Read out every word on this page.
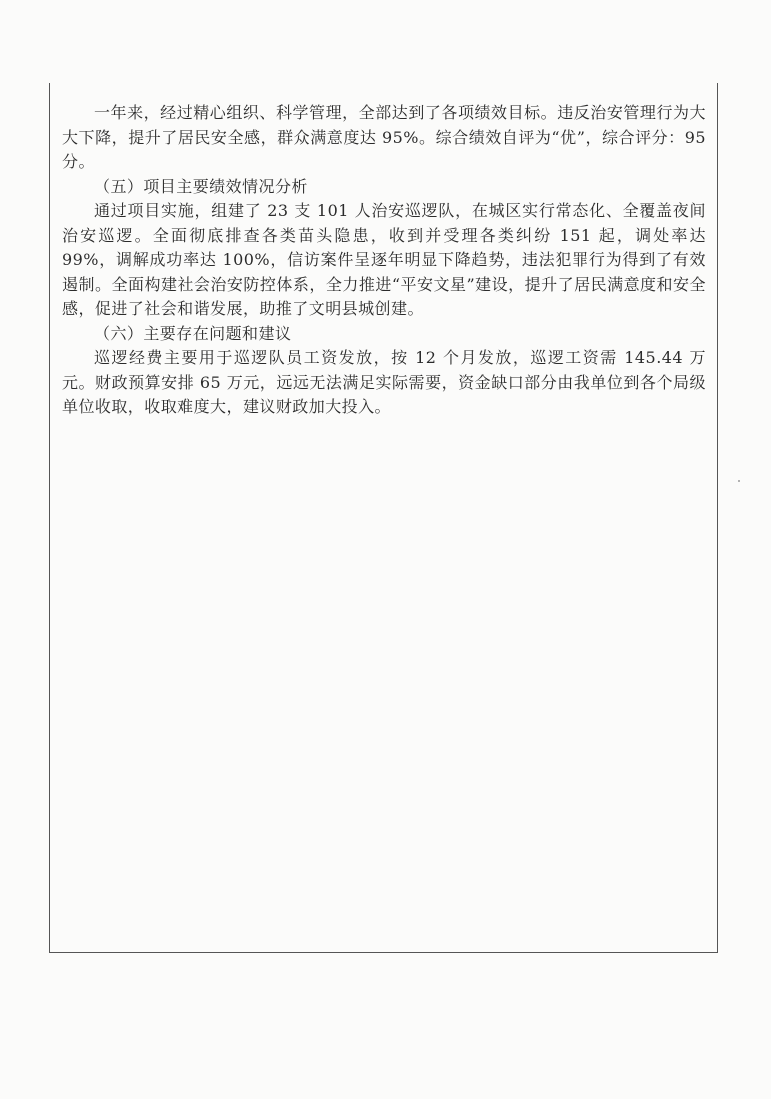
一年来，经过精心组织、科学管理，全部达到了各项绩效目标。违反治安管理行为大大下降，提升了居民安全感，群众满意度达 95%。综合绩效自评为“优”，综合评分：95 分。

（五）项目主要绩效情况分析

通过项目实施，组建了 23 支 101 人治安巡逻队，在城区实行常态化、全覆盖夜间治安巡逻。全面彻底排查各类苗头隐患，收到并受理各类纠纷 151 起，调处率达 99%，调解成功率达 100%，信访案件呈逐年明显下降趋势，违法犯罪行为得到了有效遏制。全面构建社会治安防控体系，全力推进“平安文星”建设，提升了居民满意度和安全感，促进了社会和谐发展，助推了文明县城创建。

（六）主要存在问题和建议

巡逻经费主要用于巡逻队员工资发放，按 12 个月发放，巡逻工资需 145.44 万元。财政预算安排 65 万元，远远无法满足实际需要，资金缺口部分由我单位到各个局级单位收取，收取难度大，建议财政加大投入。
